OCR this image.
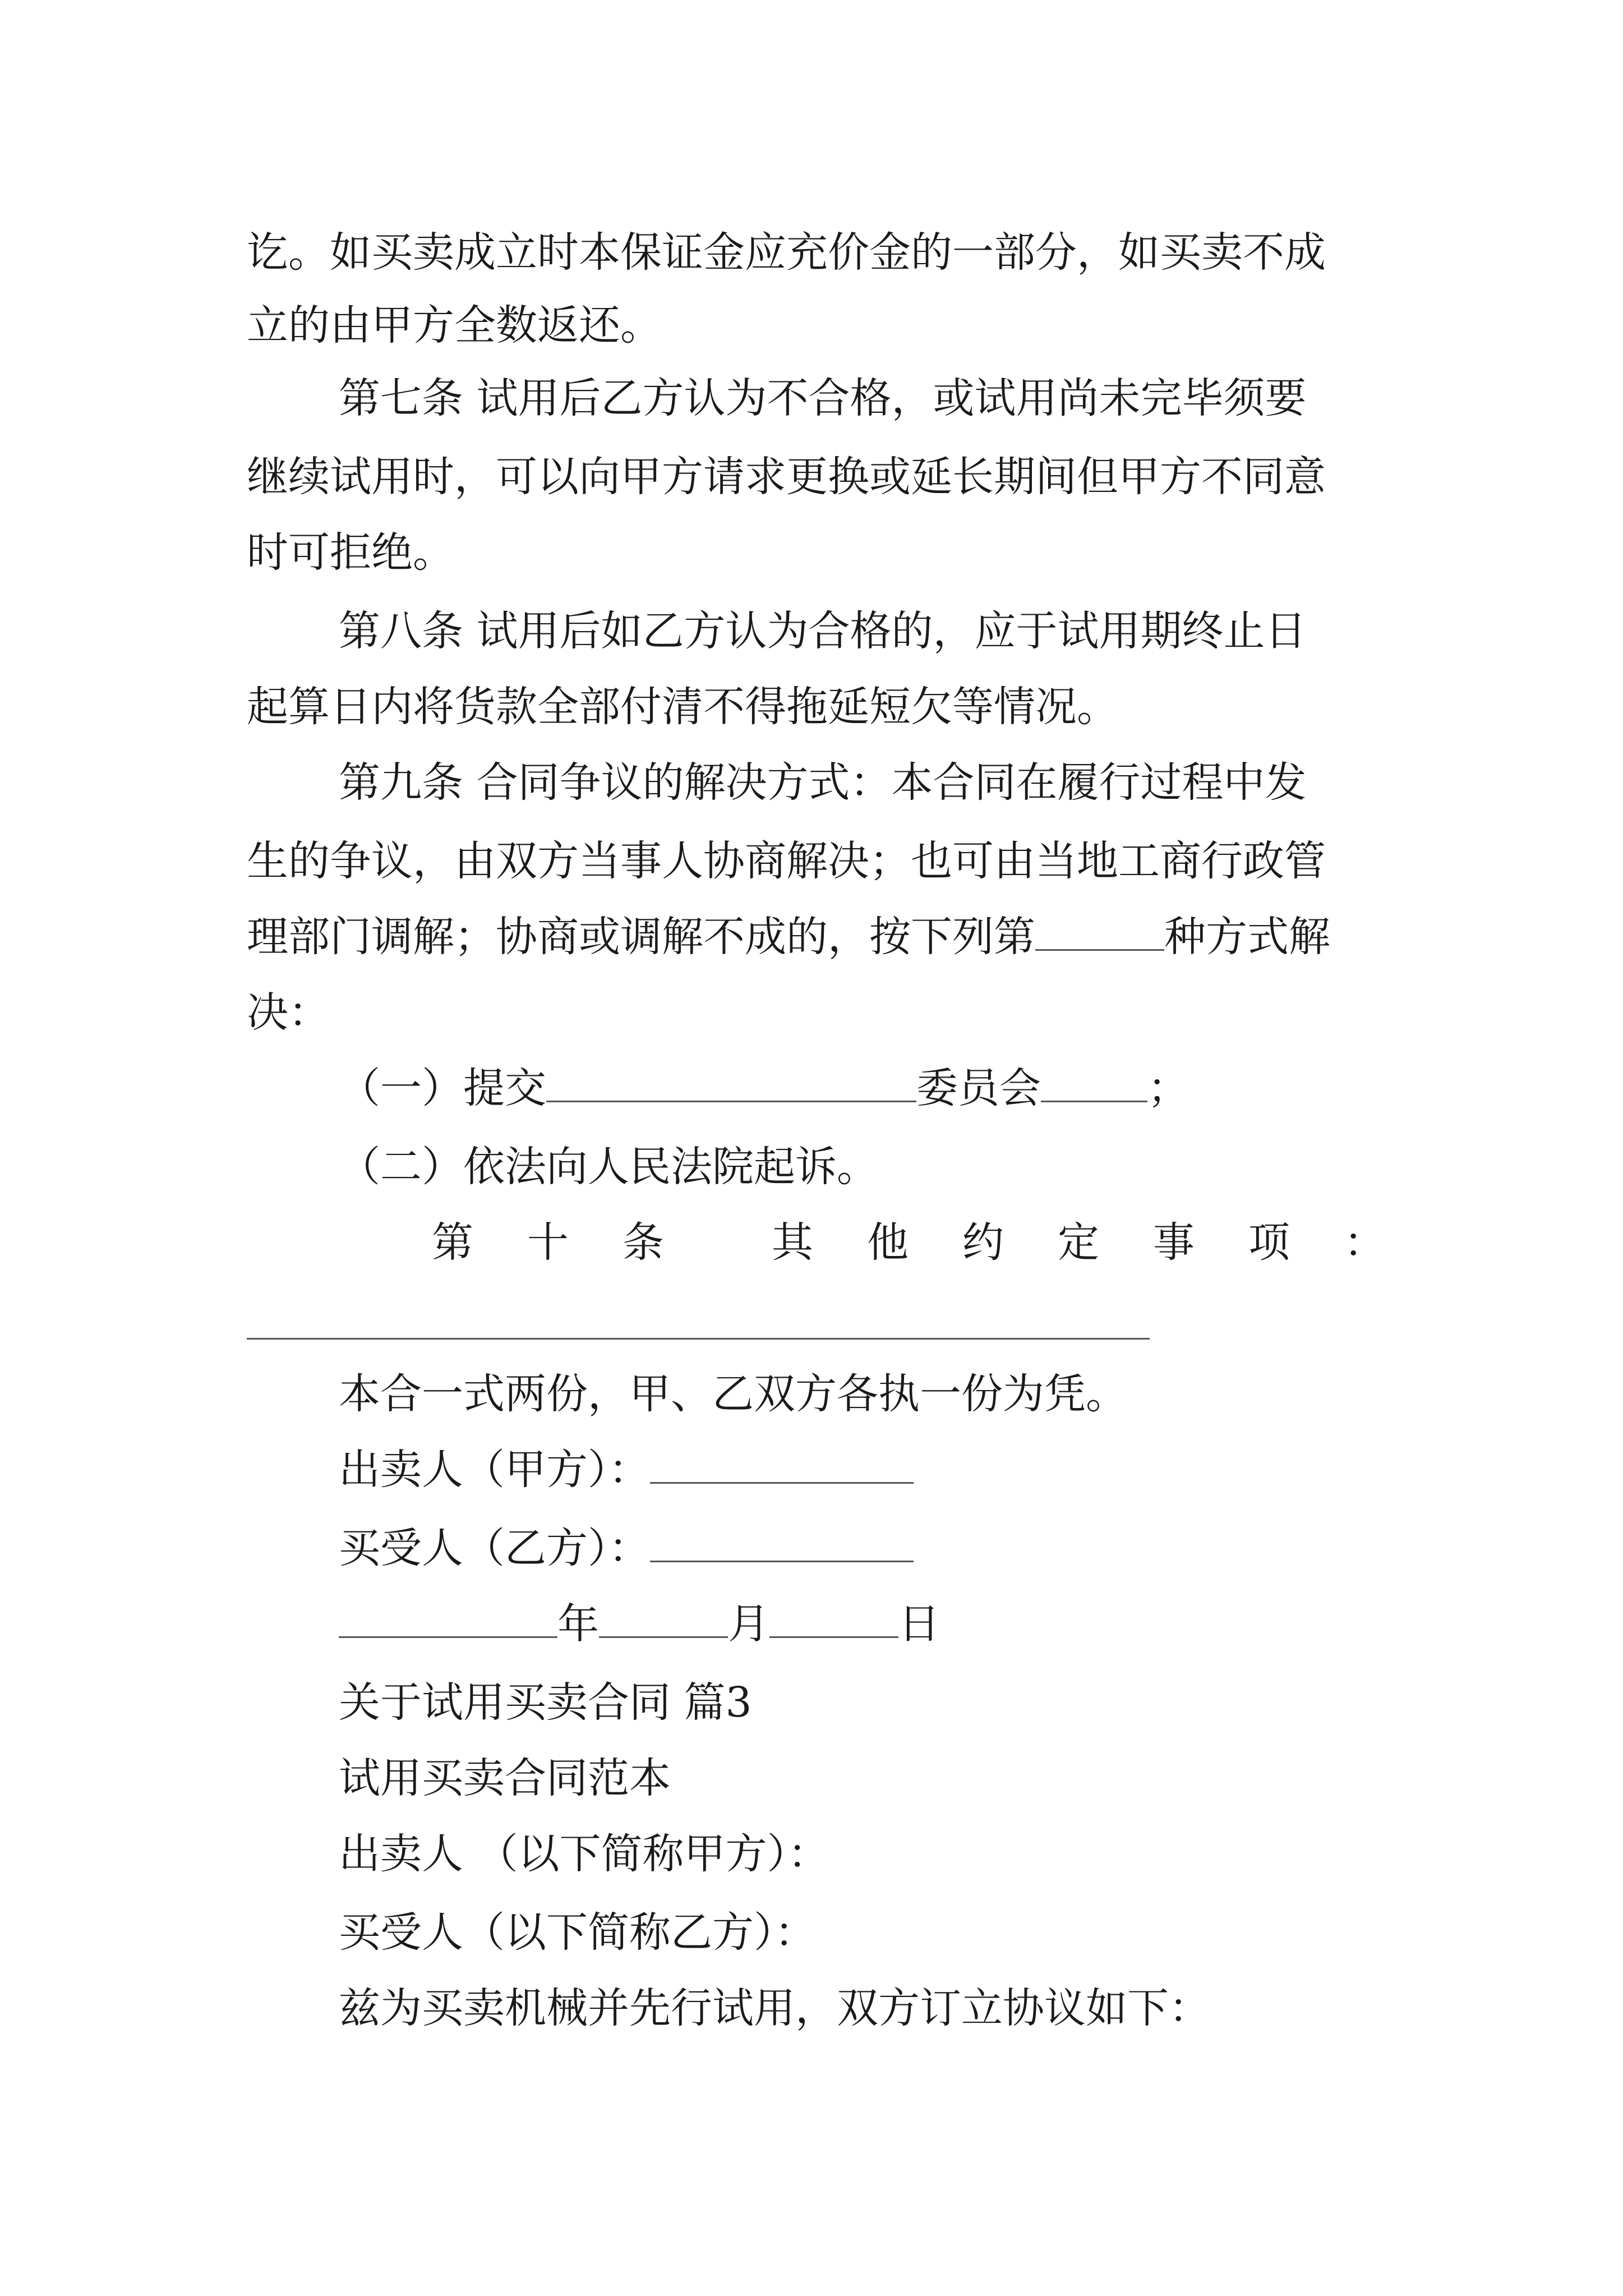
讫。如买卖成立时本保证金应充价金的一部分，如买卖不成
立的由甲方全数返还。
第七条 试用后乙方认为不合格，或试用尚未完毕须要
继续试用时，可以向甲方请求更换或延长期间但甲方不同意
时可拒绝。
第八条 试用后如乙方认为合格的，应于试用期终止日
起算日内将货款全部付清不得拖延短欠等情况。
第九条 合同争议的解决方式：本合同在履行过程中发
生的争议，由双方当事人协商解决；也可由当地工商行政管
理部门调解；协商或调解不成的，按下列第	种方式解
决：
（一）提交	委员会	；
（二）依法向人民法院起诉。
第 十 条	其 他 约 定 事 项 ：
本合一式两份，甲、乙双方各执一份为凭。
出卖人（甲方）：
买受人（乙方）：
年	月	日
关于试用买卖合同 篇3
试用买卖合同范本
出卖人 （以下简称甲方）：
买受人（以下简称乙方）：
兹为买卖机械并先行试用，双方订立协议如下：
